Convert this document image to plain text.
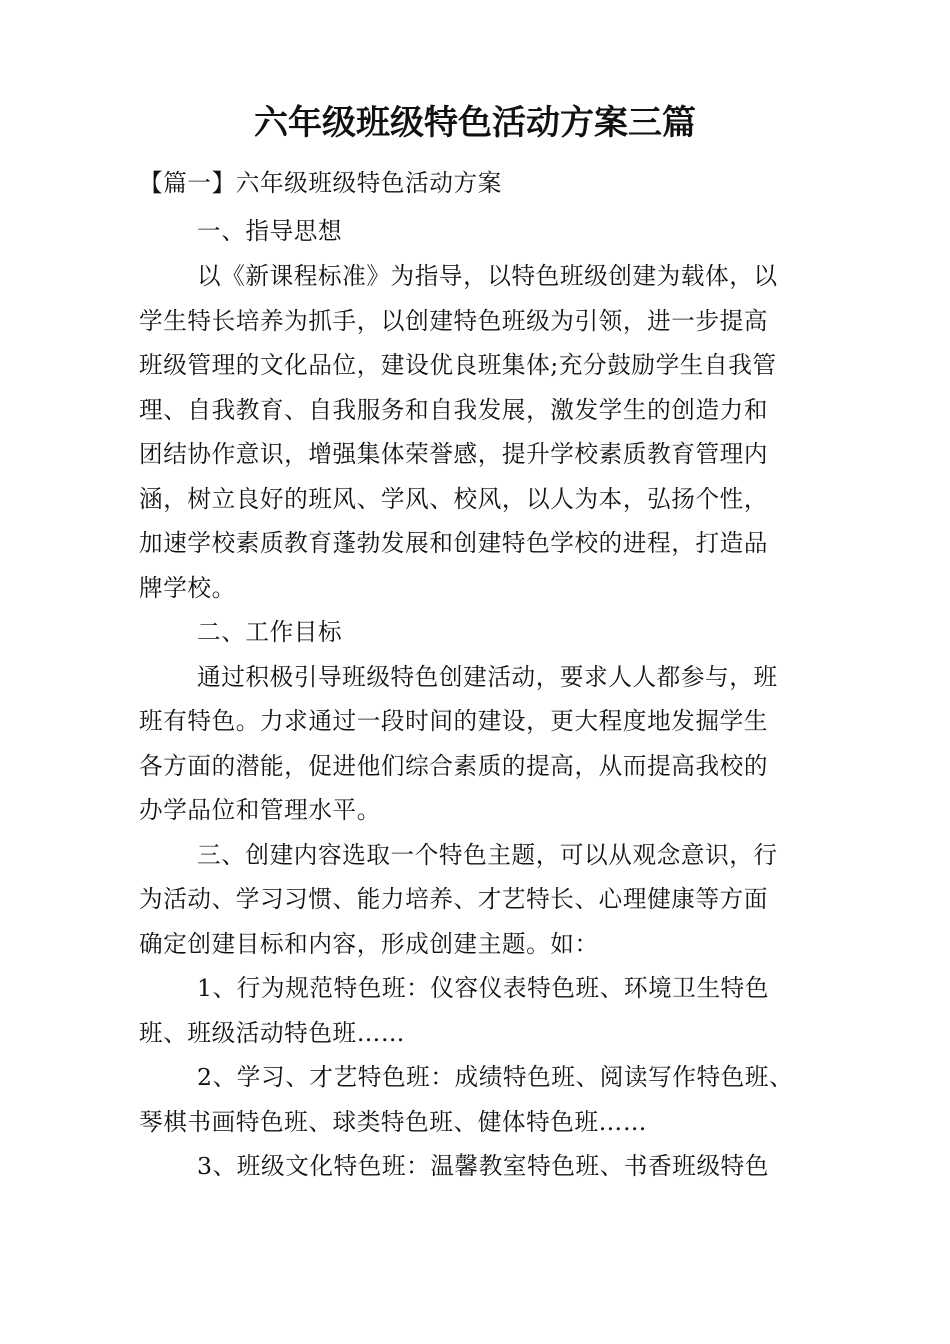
六年级班级特色活动方案三篇
【篇一】六年级班级特色活动方案
一、指导思想
以《新课程标准》为指导，以特色班级创建为载体，以
学生特长培养为抓手，以创建特色班级为引领，进一步提高
班级管理的文化品位，建设优良班集体;充分鼓励学生自我管
理、自我教育、自我服务和自我发展，激发学生的创造力和
团结协作意识，增强集体荣誉感，提升学校素质教育管理内
涵，树立良好的班风、学风、校风，以人为本，弘扬个性，
加速学校素质教育蓬勃发展和创建特色学校的进程，打造品
牌学校。
二、工作目标
通过积极引导班级特色创建活动，要求人人都参与，班
班有特色。力求通过一段时间的建设，更大程度地发掘学生
各方面的潜能，促进他们综合素质的提高，从而提高我校的
办学品位和管理水平。
三、创建内容选取一个特色主题，可以从观念意识，行
为活动、学习习惯、能力培养、才艺特长、心理健康等方面
确定创建目标和内容，形成创建主题。如：
1、行为规范特色班：仪容仪表特色班、环境卫生特色
班、班级活动特色班……
2、学习、才艺特色班：成绩特色班、阅读写作特色班、
琴棋书画特色班、球类特色班、健体特色班……
3、班级文化特色班：温馨教室特色班、书香班级特色
